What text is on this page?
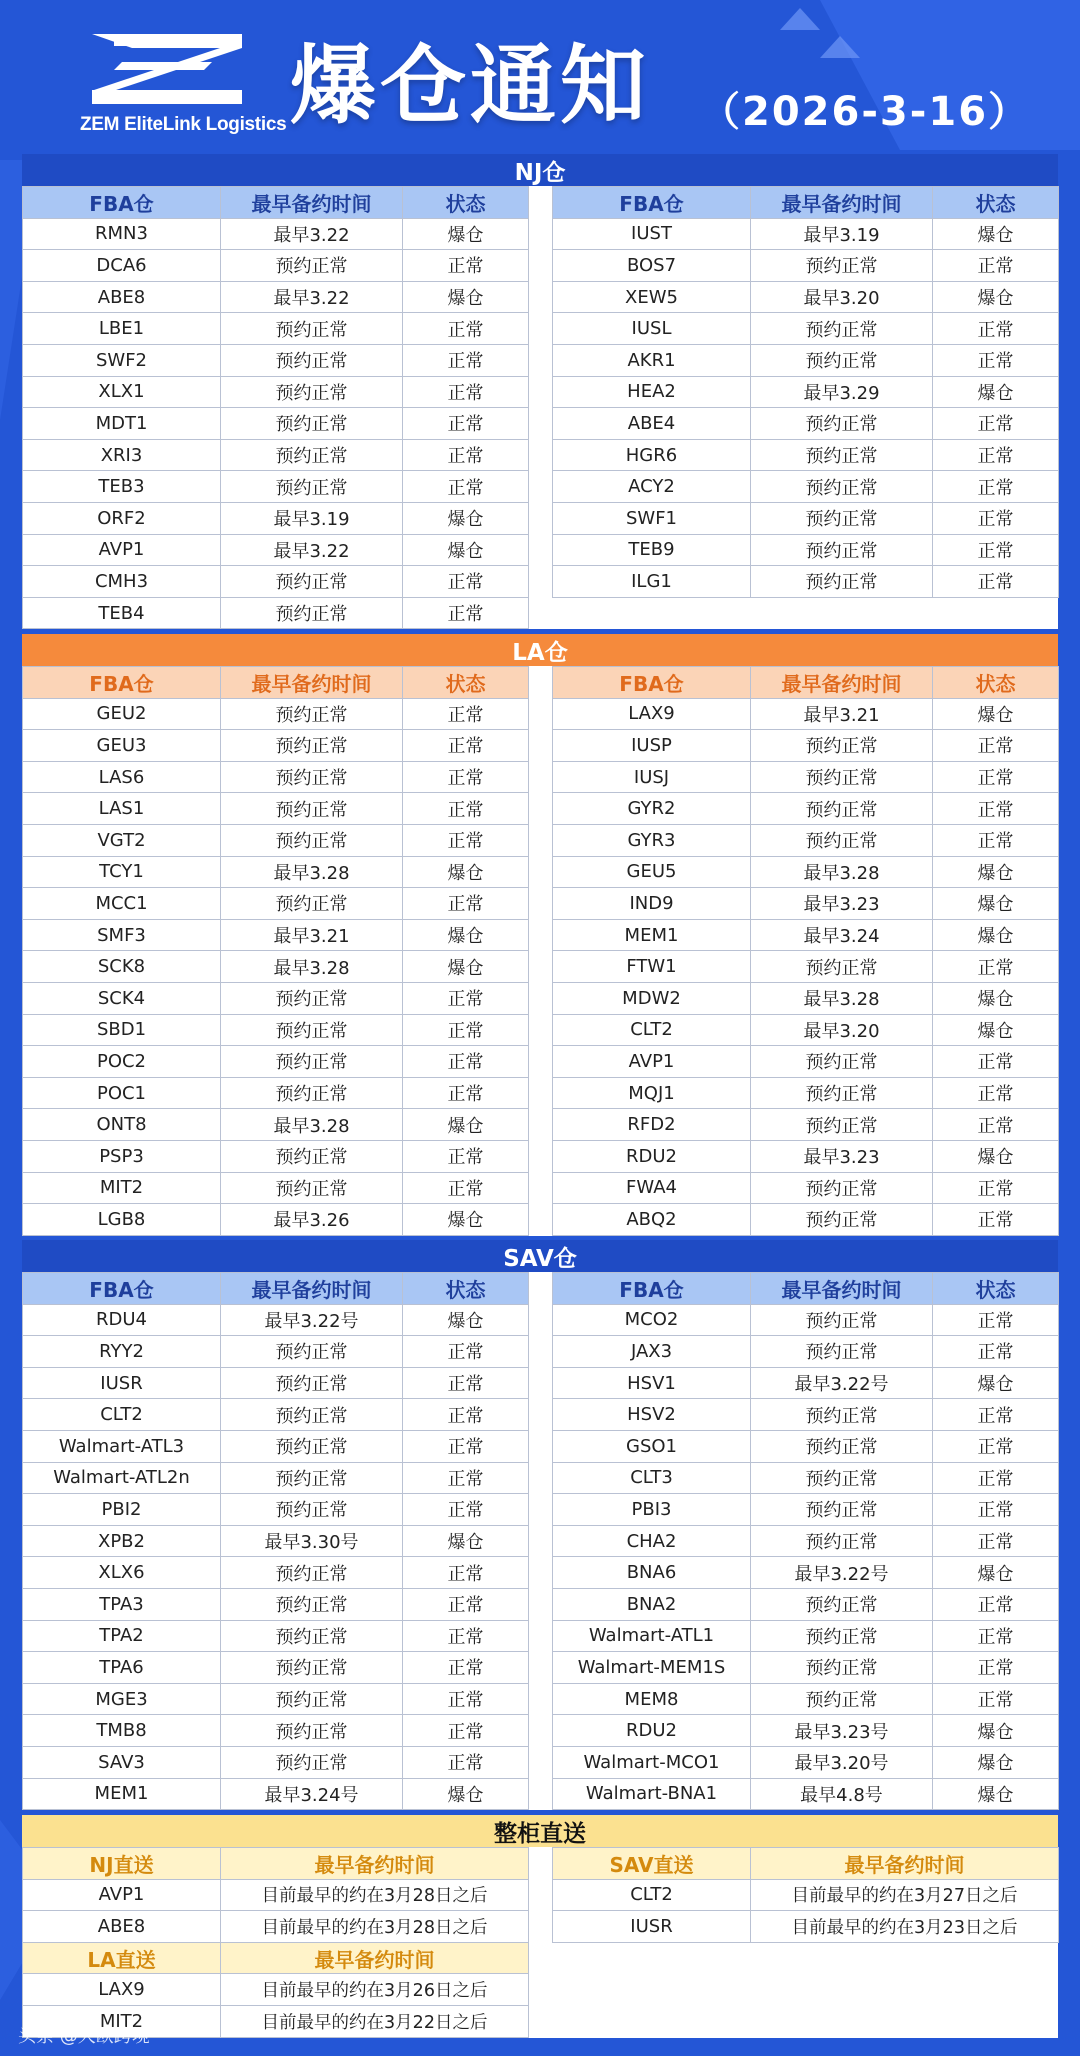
ZEM EliteLink Logistics 爆仓通知 （2026-3-16）
NJ仓
FBA仓	最早备约时间	状态
RMN3	最早3.22	爆仓
DCA6	预约正常	正常
ABE8	最早3.22	爆仓
LBE1	预约正常	正常
SWF2	预约正常	正常
XLX1	预约正常	正常
MDT1	预约正常	正常
XRI3	预约正常	正常
TEB3	预约正常	正常
ORF2	最早3.19	爆仓
AVP1	最早3.22	爆仓
CMH3	预约正常	正常
TEB4	预约正常	正常
FBA仓	最早备约时间	状态
IUST	最早3.19	爆仓
BOS7	预约正常	正常
XEW5	最早3.20	爆仓
IUSL	预约正常	正常
AKR1	预约正常	正常
HEA2	最早3.29	爆仓
ABE4	预约正常	正常
HGR6	预约正常	正常
ACY2	预约正常	正常
SWF1	预约正常	正常
TEB9	预约正常	正常
ILG1	预约正常	正常
LA仓
FBA仓	最早备约时间	状态
GEU2	预约正常	正常
GEU3	预约正常	正常
LAS6	预约正常	正常
LAS1	预约正常	正常
VGT2	预约正常	正常
TCY1	最早3.28	爆仓
MCC1	预约正常	正常
SMF3	最早3.21	爆仓
SCK8	最早3.28	爆仓
SCK4	预约正常	正常
SBD1	预约正常	正常
POC2	预约正常	正常
POC1	预约正常	正常
ONT8	最早3.28	爆仓
PSP3	预约正常	正常
MIT2	预约正常	正常
LGB8	最早3.26	爆仓
FBA仓	最早备约时间	状态
LAX9	最早3.21	爆仓
IUSP	预约正常	正常
IUSJ	预约正常	正常
GYR2	预约正常	正常
GYR3	预约正常	正常
GEU5	最早3.28	爆仓
IND9	最早3.23	爆仓
MEM1	最早3.24	爆仓
FTW1	预约正常	正常
MDW2	最早3.28	爆仓
CLT2	最早3.20	爆仓
AVP1	预约正常	正常
MQJ1	预约正常	正常
RFD2	预约正常	正常
RDU2	最早3.23	爆仓
FWA4	预约正常	正常
ABQ2	预约正常	正常
SAV仓
FBA仓	最早备约时间	状态
RDU4	最早3.22号	爆仓
RYY2	预约正常	正常
IUSR	预约正常	正常
CLT2	预约正常	正常
Walmart-ATL3	预约正常	正常
Walmart-ATL2n	预约正常	正常
PBI2	预约正常	正常
XPB2	最早3.30号	爆仓
XLX6	预约正常	正常
TPA3	预约正常	正常
TPA2	预约正常	正常
TPA6	预约正常	正常
MGE3	预约正常	正常
TMB8	预约正常	正常
SAV3	预约正常	正常
MEM1	最早3.24号	爆仓
FBA仓	最早备约时间	状态
MCO2	预约正常	正常
JAX3	预约正常	正常
HSV1	最早3.22号	爆仓
HSV2	预约正常	正常
GSO1	预约正常	正常
CLT3	预约正常	正常
PBI3	预约正常	正常
CHA2	预约正常	正常
BNA6	最早3.22号	爆仓
BNA2	预约正常	正常
Walmart-ATL1	预约正常	正常
Walmart-MEM1S	预约正常	正常
MEM8	预约正常	正常
RDU2	最早3.23号	爆仓
Walmart-MCO1	最早3.20号	爆仓
Walmart-BNA1	最早4.8号	爆仓
整柜直送
NJ直送	最早备约时间
AVP1	目前最早的约在3月28日之后
ABE8	目前最早的约在3月28日之后
LA直送	最早备约时间
LAX9	目前最早的约在3月26日之后
MIT2	目前最早的约在3月22日之后
SAV直送	最早备约时间
CLT2	目前最早的约在3月27日之后
IUSR	目前最早的约在3月23日之后
头条 @大欧跨境
